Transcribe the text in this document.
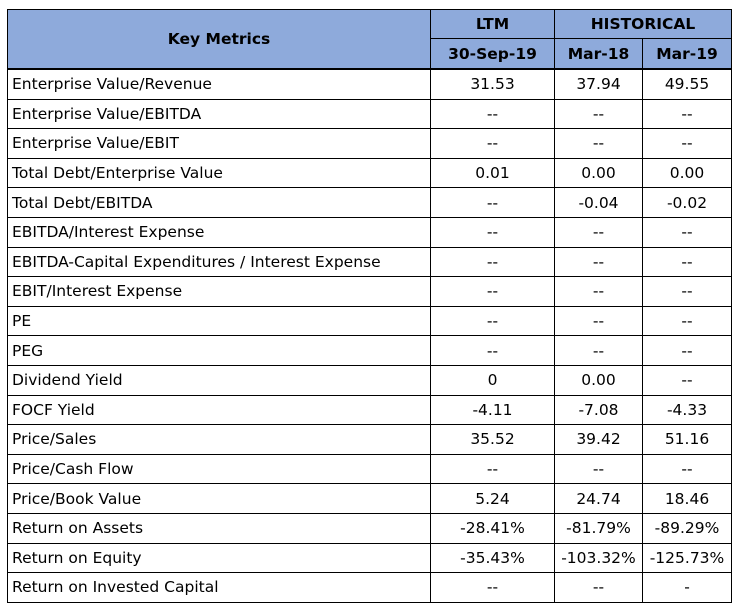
Key Metrics	LTM	HISTORICAL	
	30-Sep-19	Mar-18	Mar-19
Enterprise Value/Revenue	31.53	37.94	49.55
Enterprise Value/EBITDA	--	--	--
Enterprise Value/EBIT	--	--	--
Total Debt/Enterprise Value	0.01	0.00	0.00
Total Debt/EBITDA	--	-0.04	-0.02
EBITDA/Interest Expense	--	--	--
EBITDA-Capital Expenditures / Interest Expense	--	--	--
EBIT/Interest Expense	--	--	--
PE	--	--	--
PEG	--	--	--
Dividend Yield	0	0.00	--
FOCF Yield	-4.11	-7.08	-4.33
Price/Sales	35.52	39.42	51.16
Price/Cash Flow	--	--	--
Price/Book Value	5.24	24.74	18.46
Return on Assets	-28.41%	-81.79%	-89.29%
Return on Equity	-35.43%	-103.32%	-125.73%
Return on Invested Capital	--	--	-
